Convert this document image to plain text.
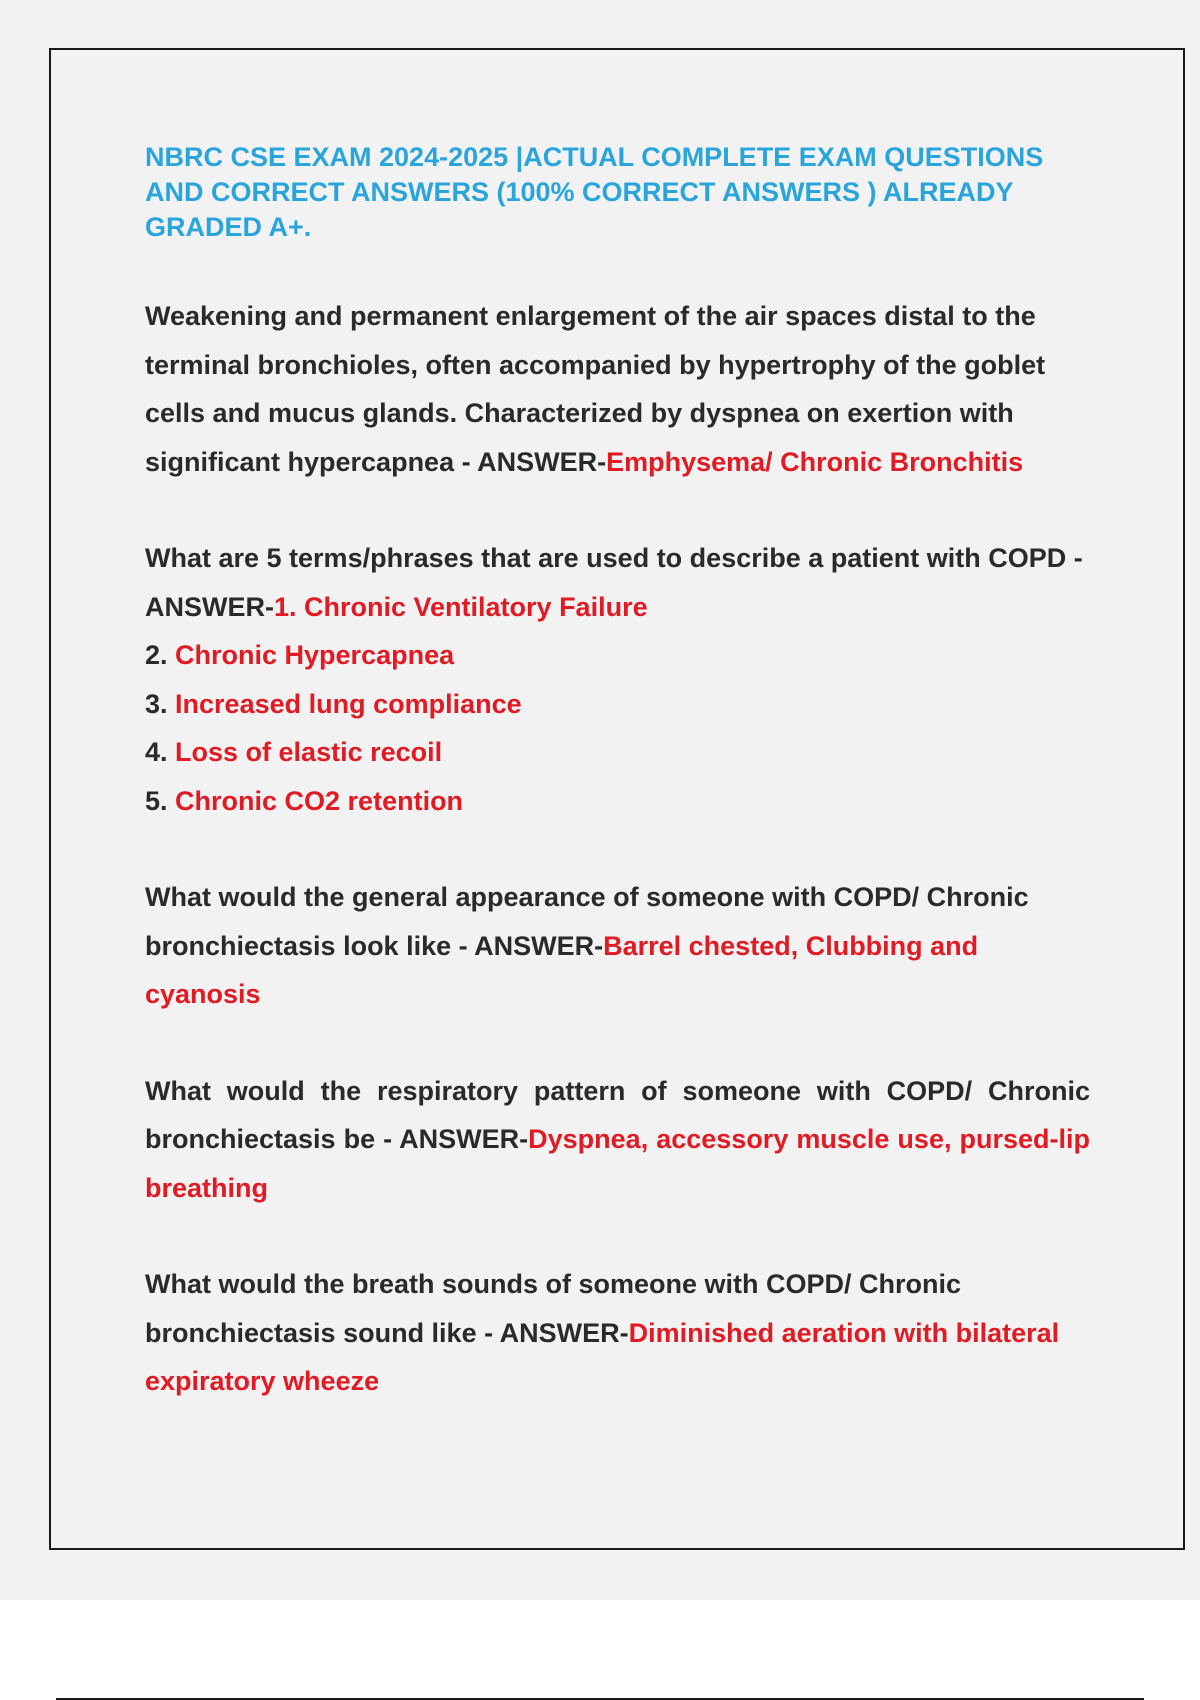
NBRC CSE EXAM 2024-2025 |ACTUAL COMPLETE EXAM QUESTIONS AND CORRECT ANSWERS (100% CORRECT ANSWERS ) ALREADY GRADED A+.
Weakening and permanent enlargement of the air spaces distal to the terminal bronchioles, often accompanied by hypertrophy of the goblet cells and mucus glands. Characterized by dyspnea on exertion with significant hypercapnea - ANSWER-Emphysema/ Chronic Bronchitis
What are 5 terms/phrases that are used to describe a patient with COPD - ANSWER-1. Chronic Ventilatory Failure
2. Chronic Hypercapnea
3. Increased lung compliance
4. Loss of elastic recoil
5. Chronic CO2 retention
What would the general appearance of someone with COPD/ Chronic bronchiectasis look like - ANSWER-Barrel chested, Clubbing and cyanosis
What would the respiratory pattern of someone with COPD/ Chronic bronchiectasis be - ANSWER-Dyspnea, accessory muscle use, pursed-lip breathing
What would the breath sounds of someone with COPD/ Chronic bronchiectasis sound like - ANSWER-Diminished aeration with bilateral expiratory wheeze
